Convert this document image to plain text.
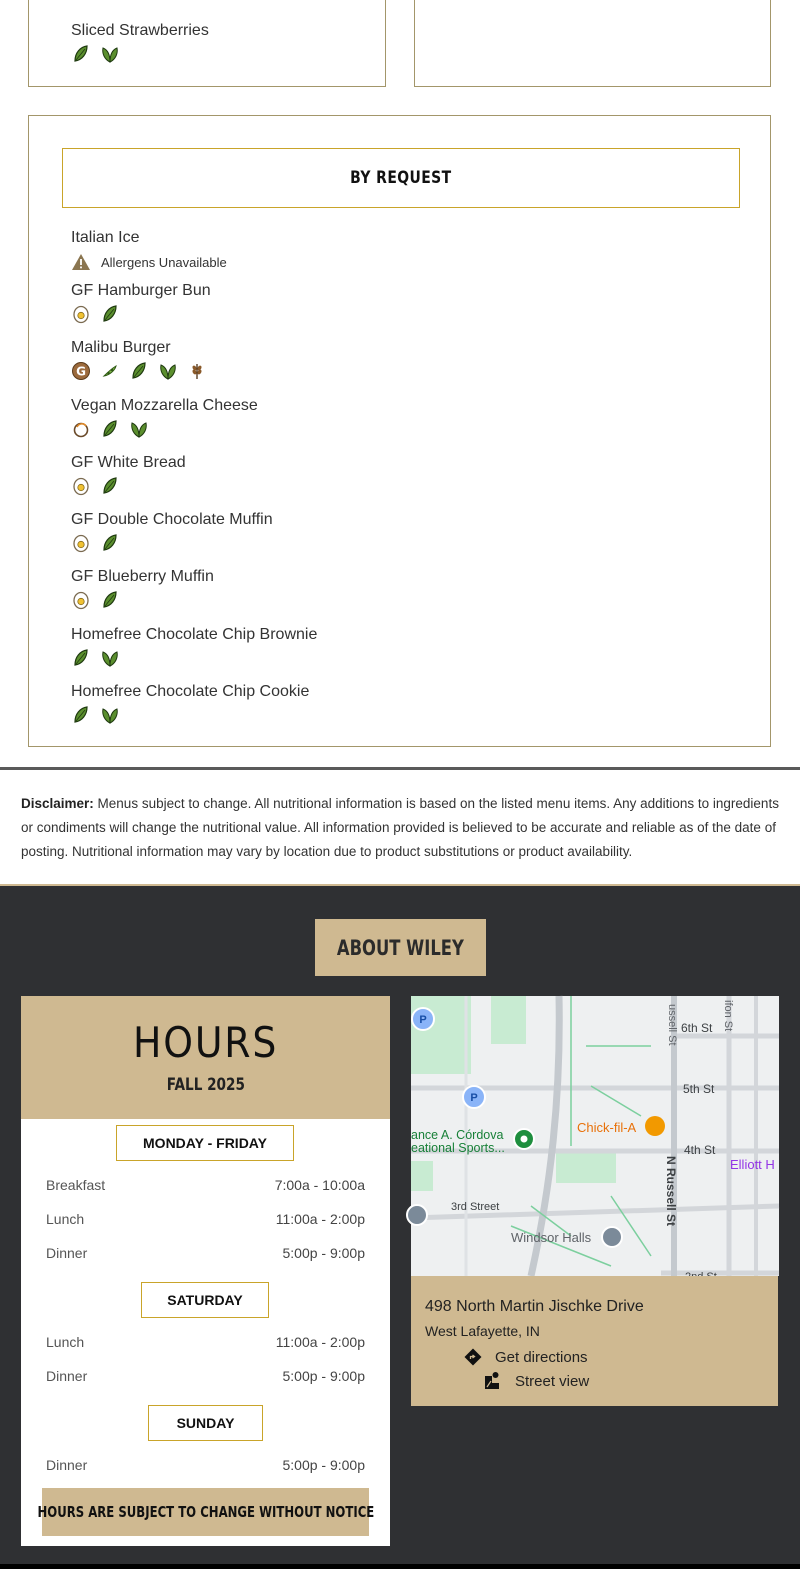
Sliced Strawberries
BY REQUEST
Italian Ice
Allergens Unavailable
GF Hamburger Bun
Malibu Burger
Vegan Mozzarella Cheese
GF White Bread
GF Double Chocolate Muffin
GF Blueberry Muffin
Homefree Chocolate Chip Brownie
Homefree Chocolate Chip Cookie
Disclaimer: Menus subject to change. All nutritional information is based on the listed menu items. Any additions to ingredients or condiments will change the nutritional value. All information provided is believed to be accurate and reliable as of the date of posting. Nutritional information may vary by location due to product substitutions or product availability.
ABOUT WILEY
HOURS
FALL 2025
MONDAY - FRIDAY
Breakfast	7:00a - 10:00a
Lunch	11:00a - 2:00p
Dinner	5:00p - 9:00p
SATURDAY
Lunch	11:00a - 2:00p
Dinner	5:00p - 9:00p
SUNDAY
Dinner	5:00p - 9:00p
HOURS ARE SUBJECT TO CHANGE WITHOUT NOTICE
ussell St	ifon St
6th St
5th St
4th St
3rd Street	N Russell St
Chick-fil-A
Elliott H
ance A. Córdova
eational Sports...
Windsor Halls
P
P
498 North Martin Jischke Drive
West Lafayette, IN
Get directions
Street view
